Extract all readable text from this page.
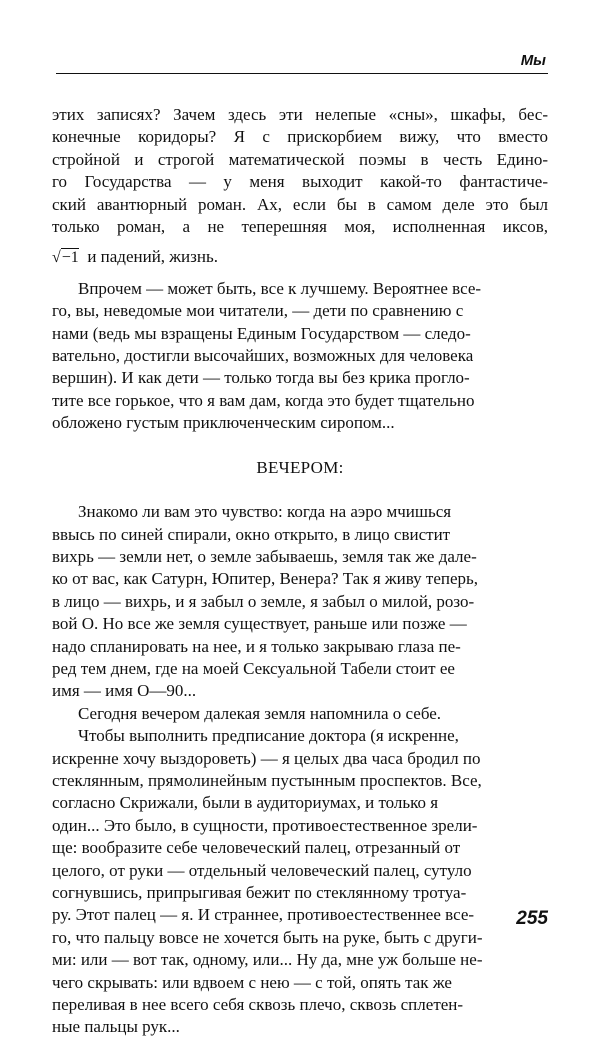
Мы

этих записях? Зачем здесь эти нелепые «сны», шкафы, бес-
конечные коридоры? Я с прискорбием вижу, что вместо
стройной и строгой математической поэмы в честь Едино-
го Государства — у меня выходит какой-то фантастиче-
ский авантюрный роман. Ах, если бы в самом деле это был
только роман, а не теперешняя моя, исполненная иксов,

√−1 и падений, жизнь.

Впрочем — может быть, все к лучшему. Вероятнее все-
го, вы, неведомые мои читатели, — дети по сравнению с
нами (ведь мы взращены Единым Государством — следо-
вательно, достигли высочайших, возможных для человека
вершин). И как дети — только тогда вы без крика прогло-
тите все горькое, что я вам дам, когда это будет тщательно
обложено густым приключенческим сиропом...

ВЕЧЕРОМ:

Знакомо ли вам это чувство: когда на аэро мчишься
ввысь по синей спирали, окно открыто, в лицо свистит
вихрь — земли нет, о земле забываешь, земля так же дале-
ко от вас, как Сатурн, Юпитер, Венера? Так я живу теперь,
в лицо — вихрь, и я забыл о земле, я забыл о милой, розо-
вой О. Но все же земля существует, раньше или позже —
надо спланировать на нее, и я только закрываю глаза пе-
ред тем днем, где на моей Сексуальной Табели стоит ее
имя — имя О—90...

Сегодня вечером далекая земля напомнила о себе.

Чтобы выполнить предписание доктора (я искренне,
искренне хочу выздороветь) — я целых два часа бродил по
стеклянным, прямолинейным пустынным проспектов. Все,
согласно Скрижали, были в аудиториумах, и только я
один... Это было, в сущности, противоестественное зрели-
ще: вообразите себе человеческий палец, отрезанный от
целого, от руки — отдельный человеческий палец, сутуло
согнувшись, припрыгивая бежит по стеклянному тротуа-
ру. Этот палец — я. И страннее, противоестественнее все-
го, что пальцу вовсе не хочется быть на руке, быть с други-
ми: или — вот так, одному, или... Ну да, мне уж больше не-
чего скрывать: или вдвоем с нею — с той, опять так же
переливая в нее всего себя сквозь плечо, сквозь сплетен-
ные пальцы рук...

255
